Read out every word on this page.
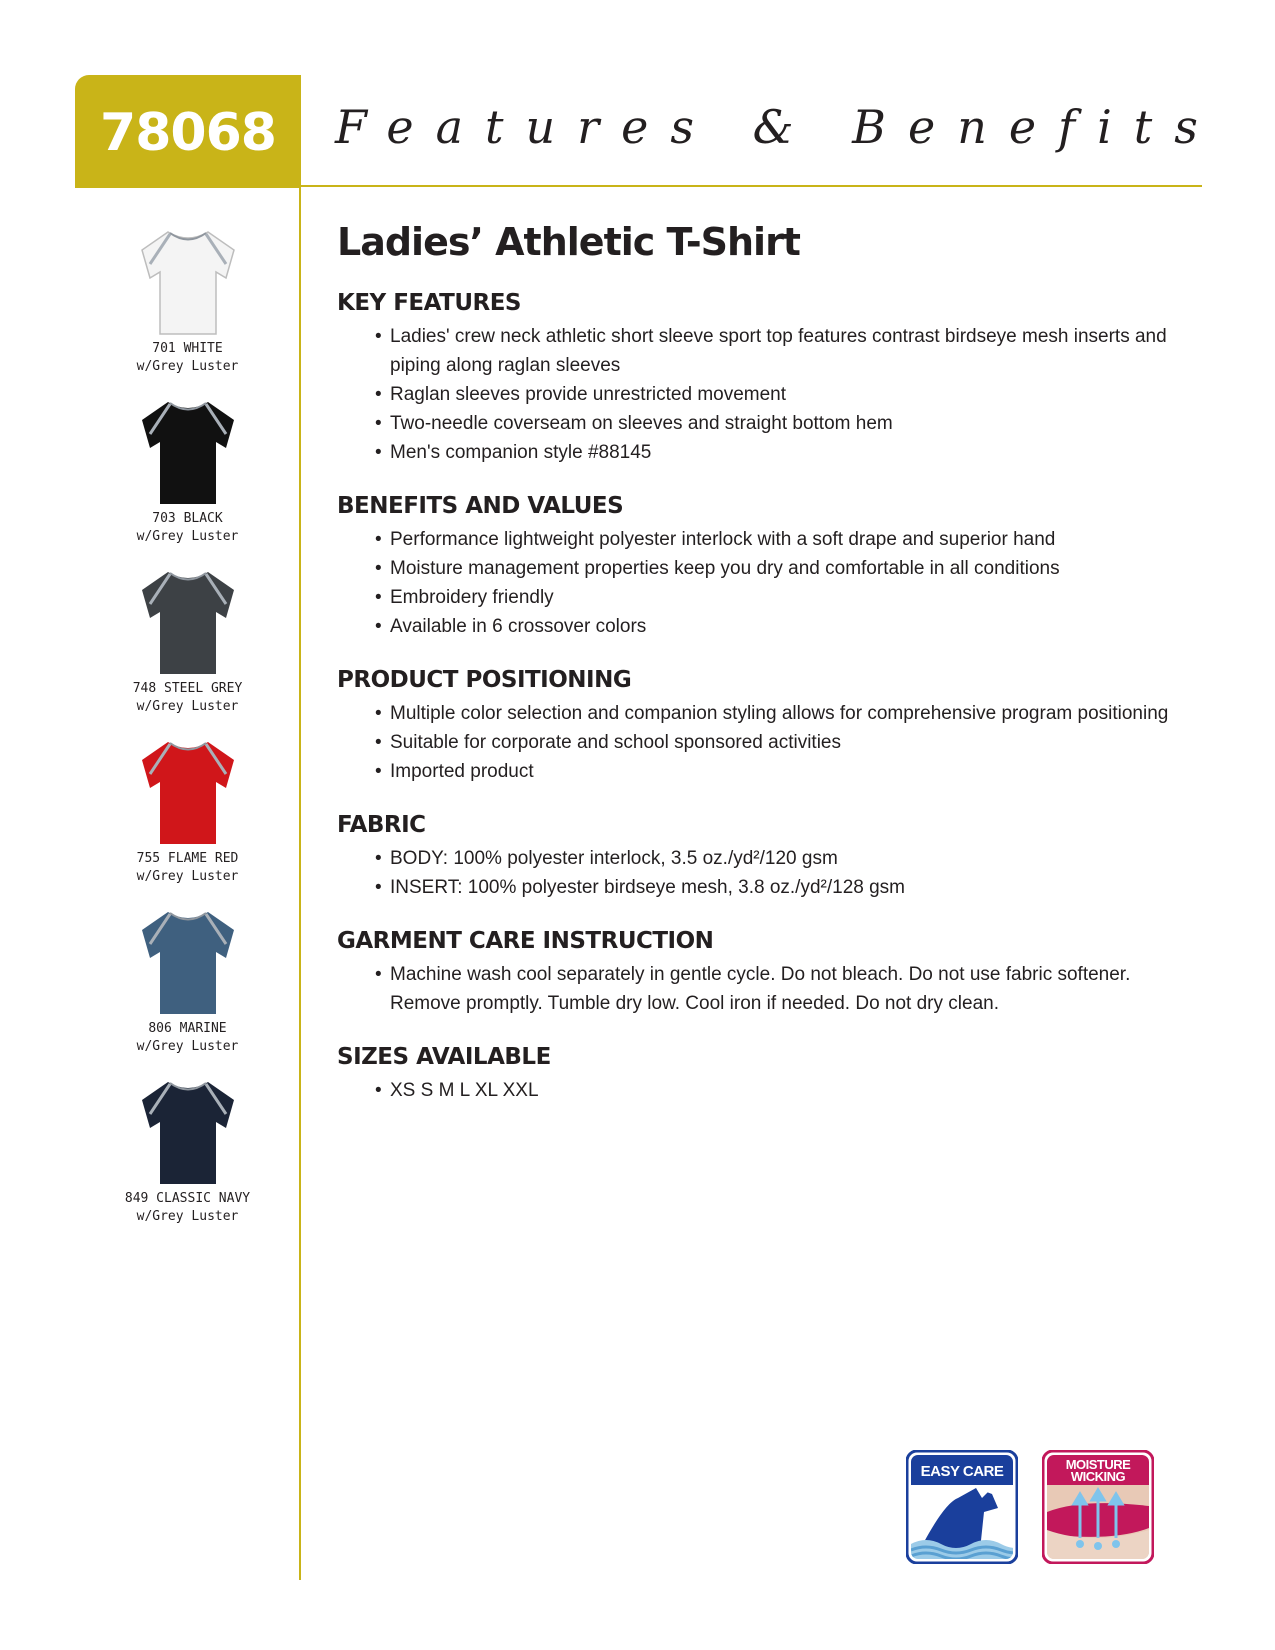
78068	Features & Benefits
701 WHITE
w/Grey Luster
703 BLACK
w/Grey Luster
748 STEEL GREY
w/Grey Luster
755 FLAME RED
w/Grey Luster
806 MARINE
w/Grey Luster
849 CLASSIC NAVY
w/Grey Luster
Ladies’ Athletic T-Shirt
KEY FEATURES
• Ladies' crew neck athletic short sleeve sport top features contrast birdseye mesh inserts and piping along raglan sleeves
• Raglan sleeves provide unrestricted movement
• Two-needle coverseam on sleeves and straight bottom hem
• Men's companion style #88145
BENEFITS AND VALUES
• Performance lightweight polyester interlock with a soft drape and superior hand
• Moisture management properties keep you dry and comfortable in all conditions
• Embroidery friendly
• Available in 6 crossover colors
PRODUCT POSITIONING
• Multiple color selection and companion styling allows for comprehensive program positioning
• Suitable for corporate and school sponsored activities
• Imported product
FABRIC
• BODY: 100% polyester interlock, 3.5 oz./yd²/120 gsm
• INSERT: 100% polyester birdseye mesh, 3.8 oz./yd²/128 gsm
GARMENT CARE INSTRUCTION
• Machine wash cool separately in gentle cycle. Do not bleach. Do not use fabric softener. Remove promptly. Tumble dry low. Cool iron if needed. Do not dry clean.
SIZES AVAILABLE
• XS S M L XL XXL
EASY CARE	MOISTURE
WICKING
